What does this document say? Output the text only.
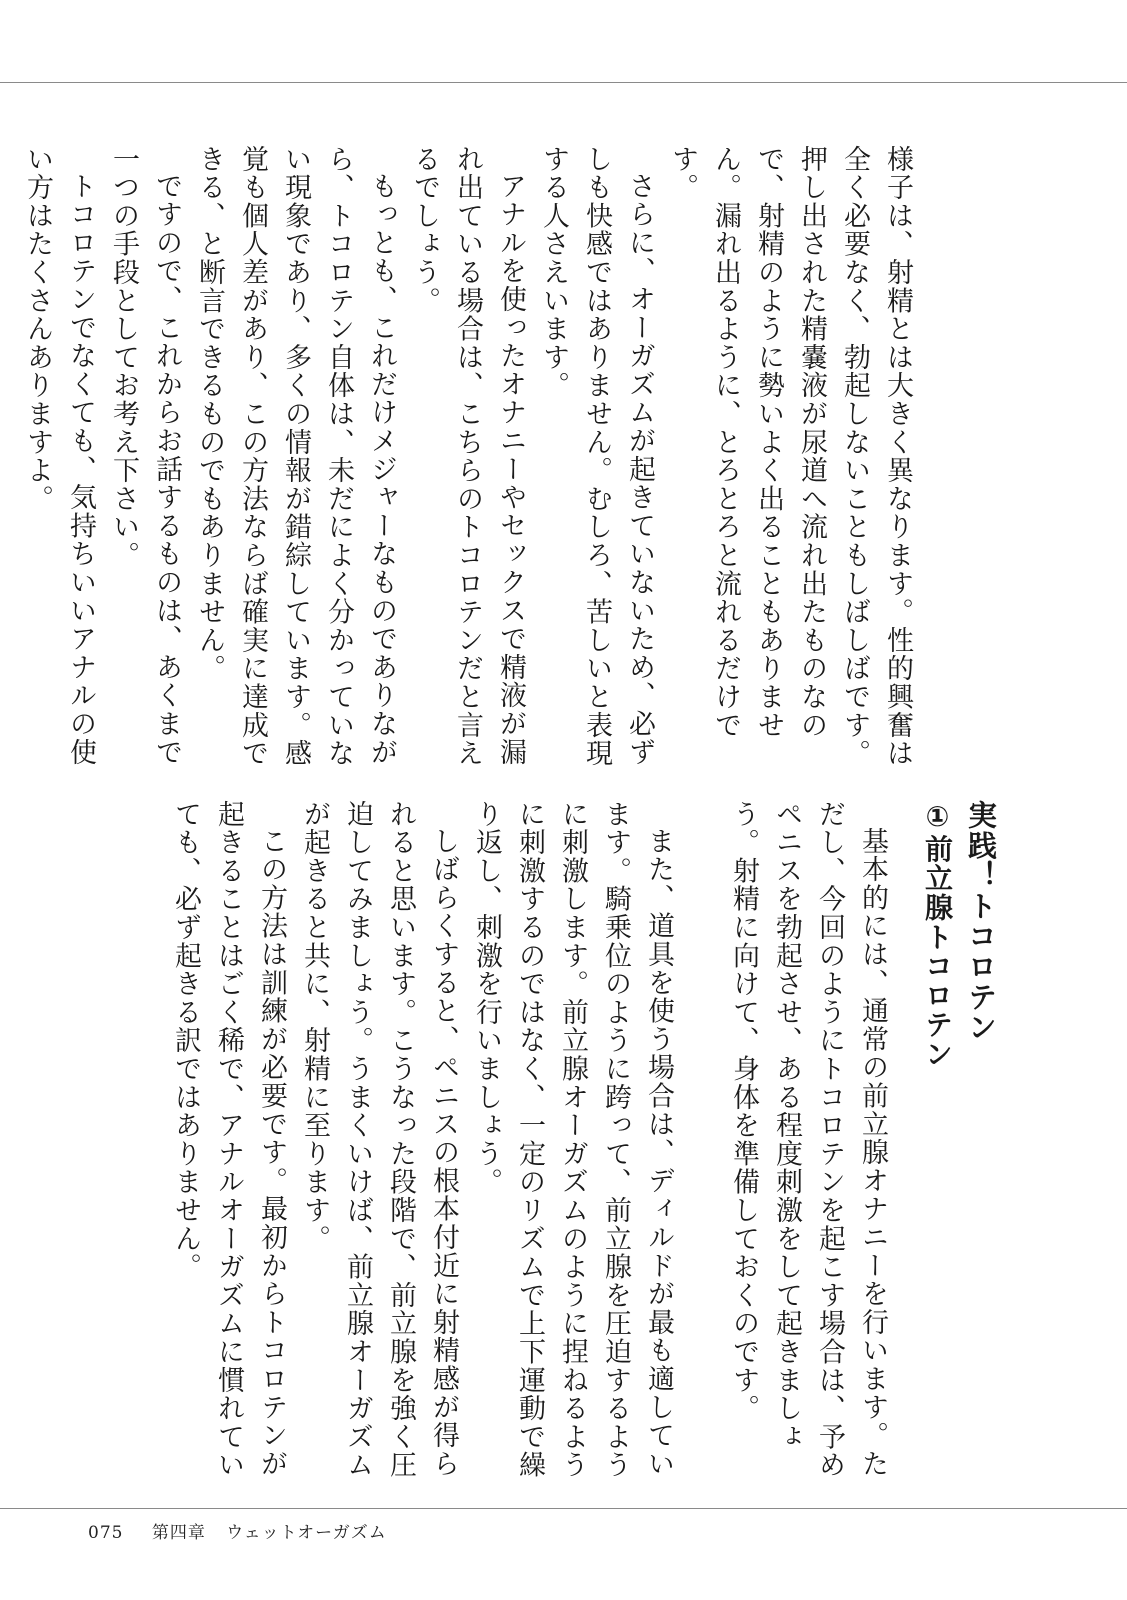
様子は、射精とは大きく異なります。性的興奮は全く必要なく、勃起しないこともしばしばです。押し出された精嚢液が尿道へ流れ出たものなので、射精のように勢いよく出ることもありません。漏れ出るように、とろとろと流れるだけです。

さらに、オーガズムが起きていないため、必ずしも快感ではありません。むしろ、苦しいと表現する人さえいます。

アナルを使ったオナニーやセックスで精液が漏れ出ている場合は、こちらのトコロテンだと言えるでしょう。

もっとも、これだけメジャーなものでありながら、トコロテン自体は、未だによく分かっていない現象であり、多くの情報が錯綜しています。感覚も個人差があり、この方法ならば確実に達成できる、と断言できるものでもありません。

ですので、これからお話するものは、あくまで一つの手段としてお考え下さい。

トコロテンでなくても、気持ちいいアナルの使い方はたくさんありますよ。

実践！トコロテン

①前立腺トコロテン

基本的には、通常の前立腺オナニーを行います。ただし、今回のようにトコロテンを起こす場合は、予めペニスを勃起させ、ある程度刺激をして起きましょう。射精に向けて、身体を準備しておくのです。

また、道具を使う場合は、ディルドが最も適しています。騎乗位のように跨って、前立腺を圧迫するように刺激します。前立腺オーガズムのように捏ねるように刺激するのではなく、一定のリズムで上下運動で繰り返し、刺激を行いましょう。

しばらくすると、ペニスの根本付近に射精感が得られると思います。こうなった段階で、前立腺を強く圧迫してみましょう。うまくいけば、前立腺オーガズムが起きると共に、射精に至ります。

この方法は訓練が必要です。最初からトコロテンが起きることはごく稀で、アナルオーガズムに慣れていても、必ず起きる訳ではありません。

075 第四章 ウェットオーガズム
